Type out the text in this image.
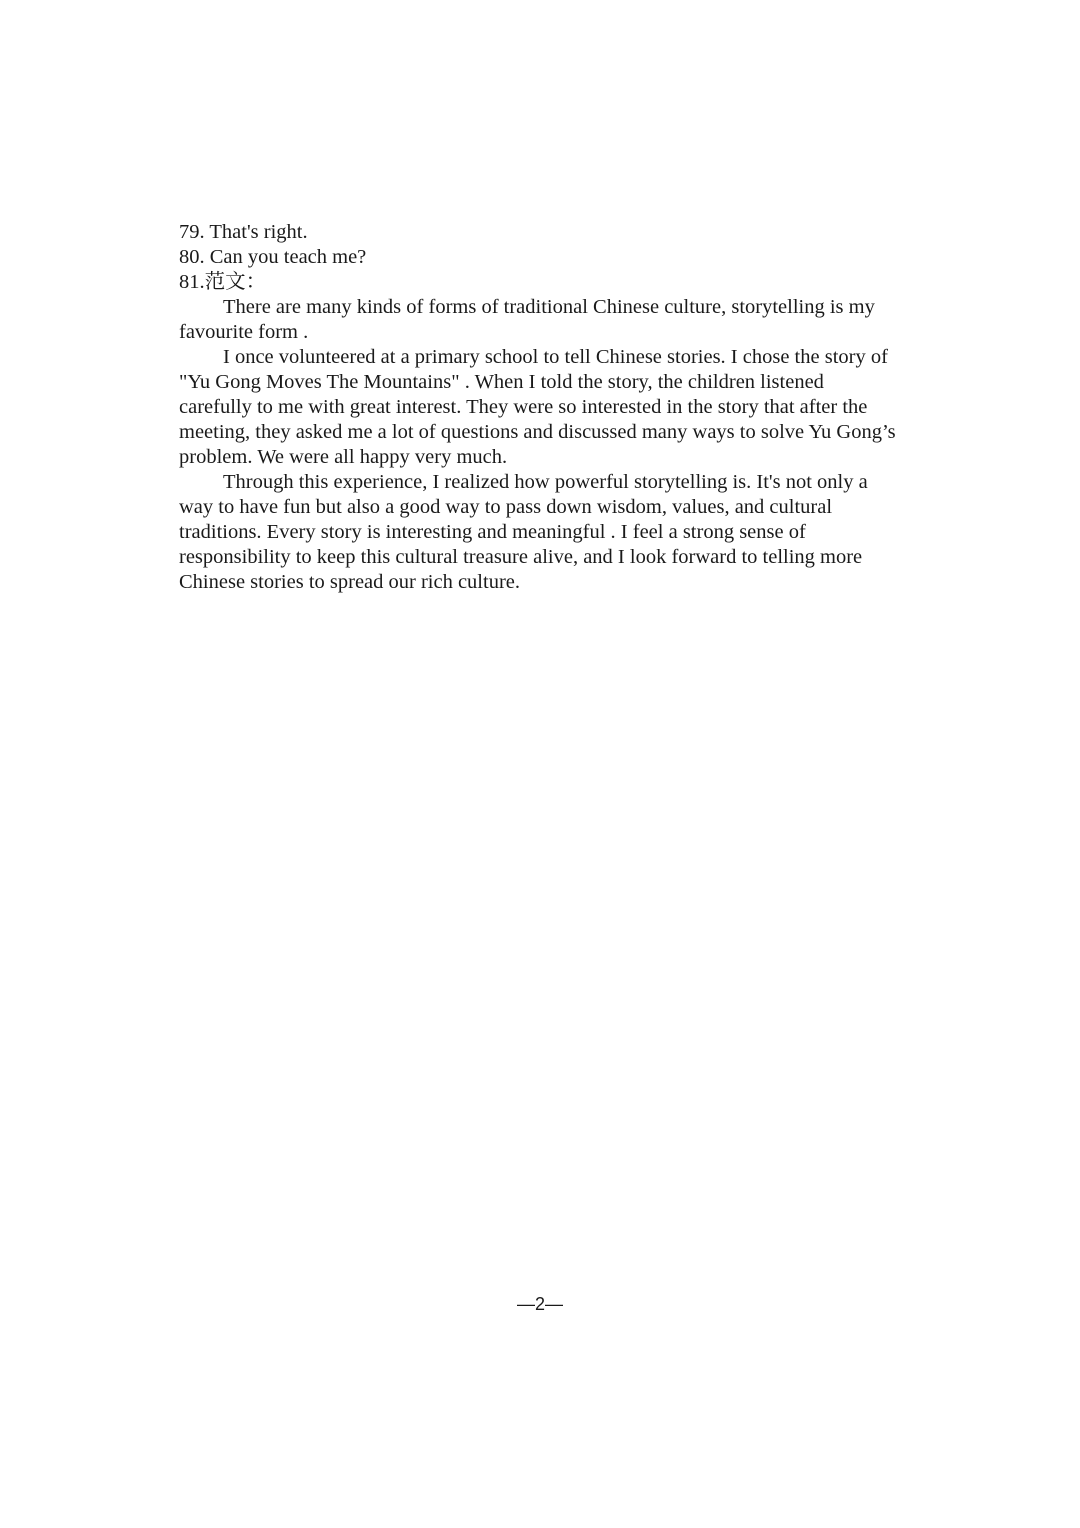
79. That's right.

80. Can you teach me?

81.范文：

There are many kinds of forms of traditional Chinese culture, storytelling is my favourite form .

I once volunteered at a primary school to tell Chinese stories. I chose the story of "Yu Gong Moves The Mountains" . When I told the story, the children listened carefully to me with great interest. They were so interested in the story that after the meeting, they asked me a lot of questions and discussed many ways to solve Yu Gong’s problem. We were all happy very much.

Through this experience, I realized how powerful storytelling is. It's not only a way to have fun but also a good way to pass down wisdom, values, and cultural traditions. Every story is interesting and meaningful . I feel a strong sense of responsibility to keep this cultural treasure alive, and I look forward to telling more Chinese stories to spread our rich culture.

—2—
